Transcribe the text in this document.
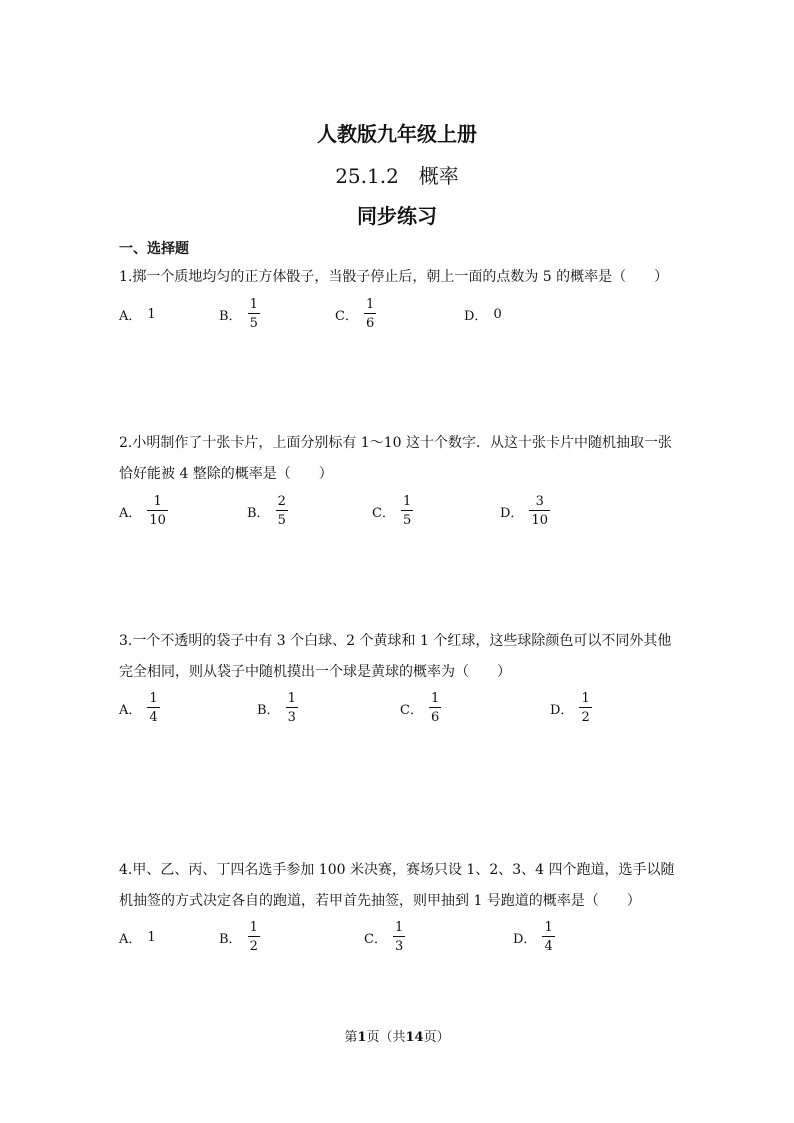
人教版九年级上册
25.1.2　概率
同步练习
一、选择题
1.掷一个质地均匀的正方体骰子，当骰子停止后，朝上一面的点数为 5 的概率是（　　）
A． 1	B． $\frac{1}{5}$	C． $\frac{1}{6}$	D． 0
2.小明制作了十张卡片，上面分别标有 1～10 这十个数字．从这十张卡片中随机抽取一张恰好能被 4 整除的概率是（　　）
A． $\frac{1}{10}$	B． $\frac{2}{5}$	C． $\frac{1}{5}$	D． $\frac{3}{10}$
3.一个不透明的袋子中有 3 个白球、2 个黄球和 1 个红球，这些球除颜色可以不同外其他完全相同，则从袋子中随机摸出一个球是黄球的概率为（　　）
A． $\frac{1}{4}$	B． $\frac{1}{3}$	C． $\frac{1}{6}$	D． $\frac{1}{2}$
4.甲、乙、丙、丁四名选手参加 100 米决赛，赛场只设 1、2、3、4 四个跑道，选手以随机抽签的方式决定各自的跑道，若甲首先抽签，则甲抽到 1 号跑道的概率是（　　）
A． 1	B． $\frac{1}{2}$	C． $\frac{1}{3}$	D． $\frac{1}{4}$
第1页（共14页）
